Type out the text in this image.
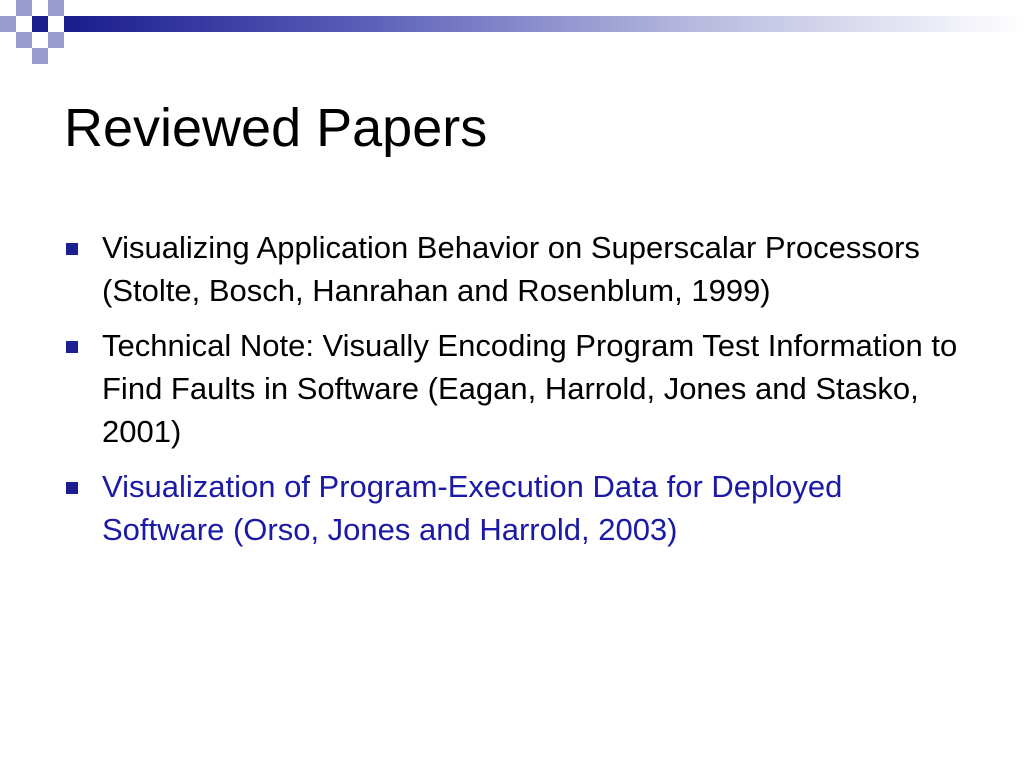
Reviewed Papers
Visualizing Application Behavior on Superscalar Processors (Stolte, Bosch, Hanrahan and Rosenblum, 1999)
Technical Note: Visually Encoding Program Test Information to Find Faults in Software (Eagan, Harrold, Jones and Stasko, 2001)
Visualization of Program-Execution Data for Deployed Software (Orso, Jones and Harrold, 2003)
